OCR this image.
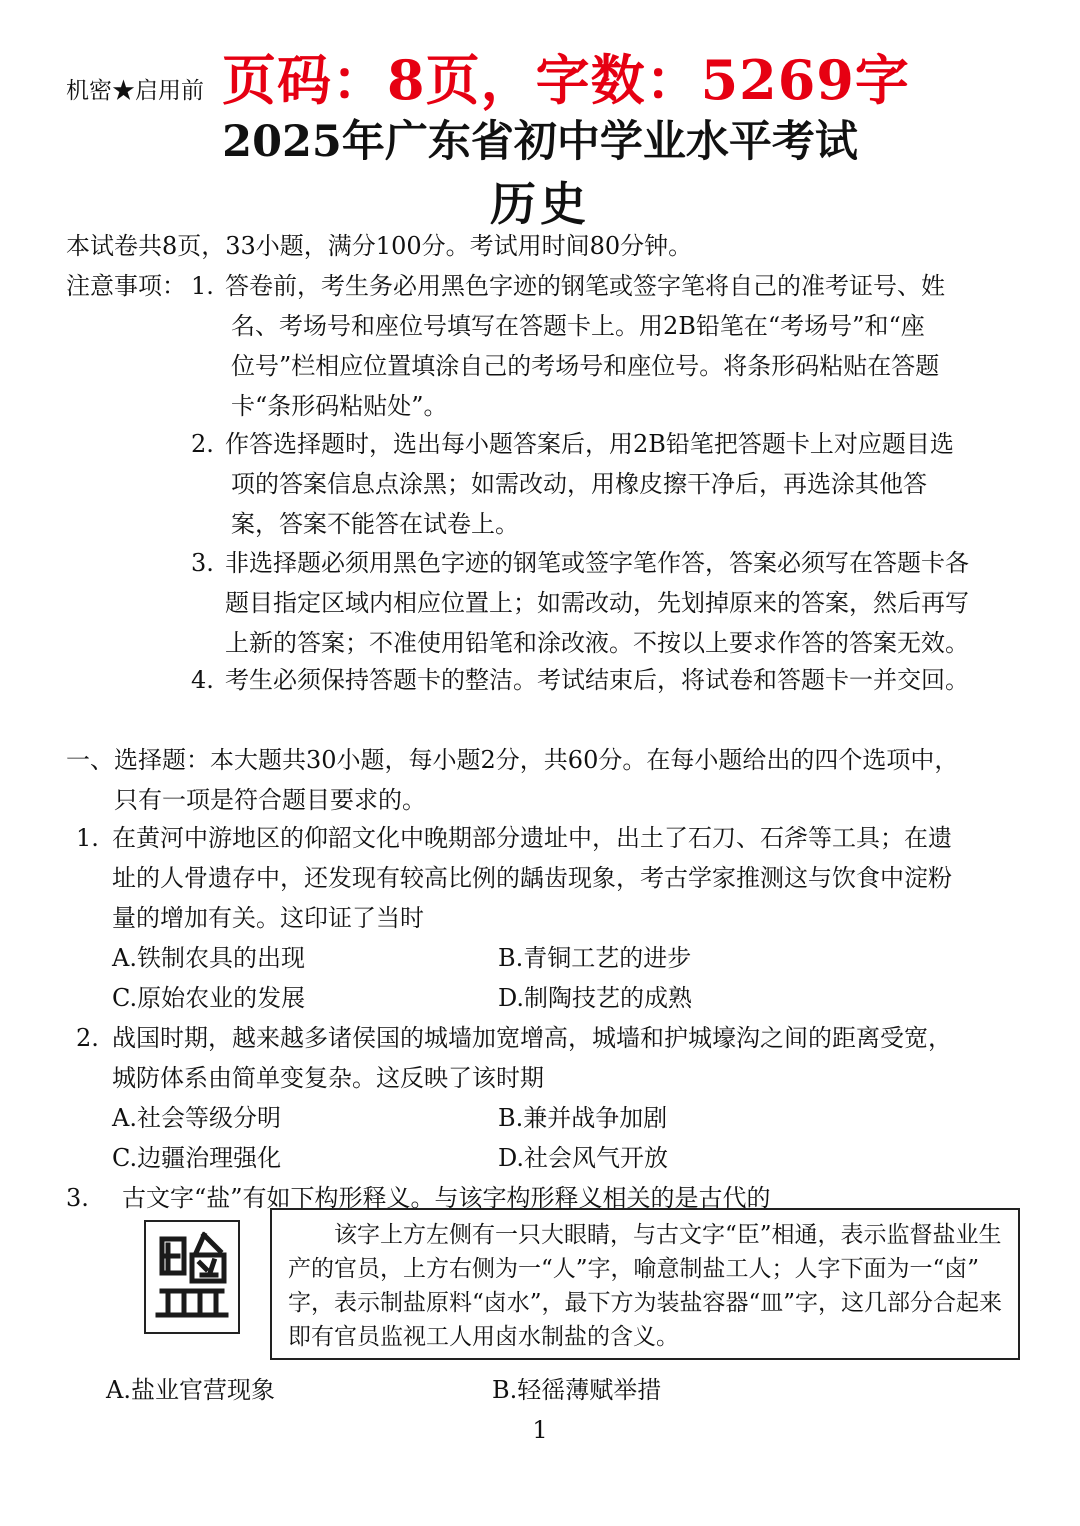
机密★启用前 页码：8页，字数：5269字
2025年广东省初中学业水平考试
历史
本试卷共8页，33小题，满分100分。考试用时间80分钟。
注意事项： 1. 答卷前，考生务必用黑色字迹的钢笔或签字笔将自己的准考证号、姓
名、考场号和座位号填写在答题卡上。用2B铅笔在“考场号”和“座
位号”栏相应位置填涂自己的考场号和座位号。将条形码粘贴在答题
卡“条形码粘贴处”。
2. 作答选择题时，选出每小题答案后，用2B铅笔把答题卡上对应题目选
项的答案信息点涂黑；如需改动，用橡皮擦干净后，再选涂其他答
案，答案不能答在试卷上。
3. 非选择题必须用黑色字迹的钢笔或签字笔作答，答案必须写在答题卡各
题目指定区域内相应位置上；如需改动，先划掉原来的答案，然后再写
上新的答案；不准使用铅笔和涂改液。不按以上要求作答的答案无效。
4. 考生必须保持答题卡的整洁。考试结束后，将试卷和答题卡一并交回。
一、选择题：本大题共30小题，每小题2分，共60分。在每小题给出的四个选项中，
只有一项是符合题目要求的。
1. 在黄河中游地区的仰韶文化中晚期部分遗址中，出土了石刀、石斧等工具；在遗
址的人骨遗存中，还发现有较高比例的龋齿现象，考古学家推测这与饮食中淀粉
量的增加有关。这印证了当时
A.铁制农具的出现	B.青铜工艺的进步
C.原始农业的发展	D.制陶技艺的成熟
2. 战国时期，越来越多诸侯国的城墙加宽增高，城墙和护城壕沟之间的距离受宽，
城防体系由简单变复杂。这反映了该时期
A.社会等级分明	B.兼并战争加剧
C.边疆治理强化	D.社会风气开放
3. 古文字“盐”有如下构形释义。与该字构形释义相关的是古代的
该字上方左侧有一只大眼睛，与古文字“臣”相通，表示监督盐业生产的官员，上方右侧为一“人”字，喻意制盐工人；人字下面为一“卤” 字，表示制盐原料“卤水”，最下方为装盐容器“皿”字，这几部分合起来 即有官员监视工人用卤水制盐的含义。
A.盐业官营现象	B.轻徭薄赋举措
1
